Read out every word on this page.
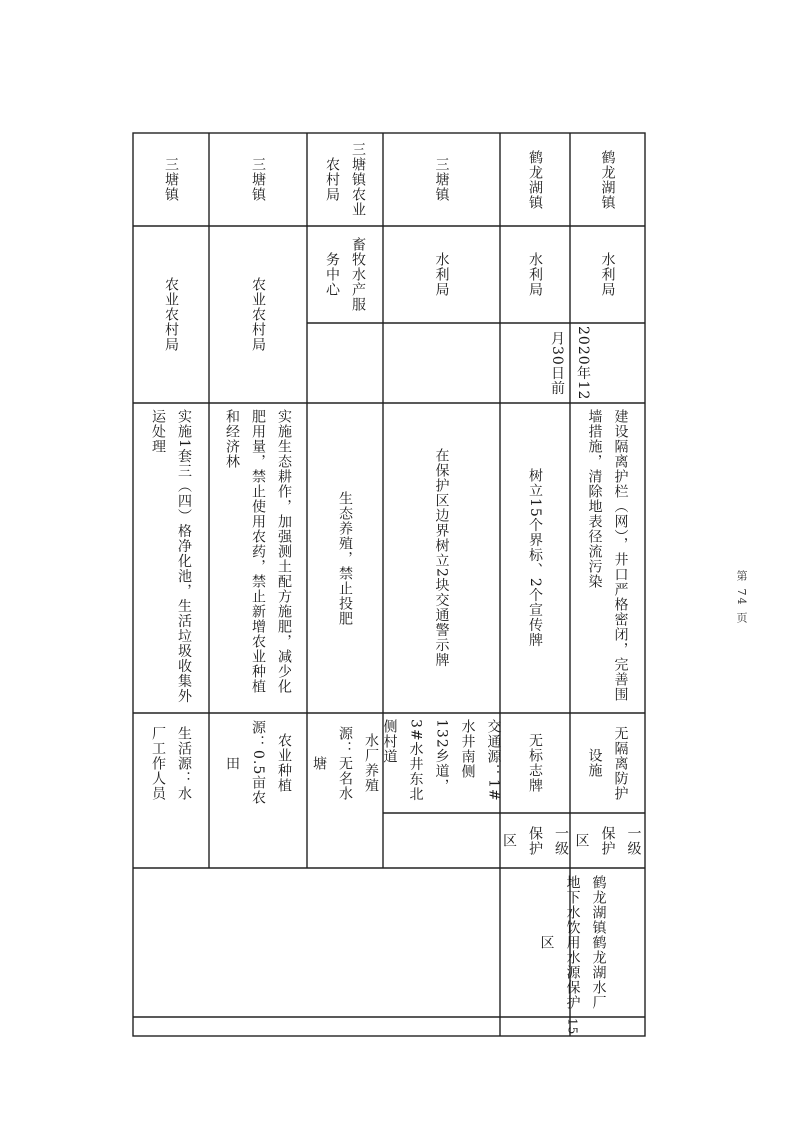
三塘镇
农业农村局
实施1套三（四）格净化池，生活垃圾收集外运处理
生活源：水厂工作人员
三塘镇
农业农村局
实施生态耕作，加强测土配方施肥，减少化肥用量，禁止使用农药，禁止新增农业种植和经济林
农业种植源：0.5亩农田
三塘镇农业农村局
畜牧水产服务中心
生态养殖，禁止投肥
水厂养殖源：无名水塘
三塘镇
水利局
在保护区边界树立2块交通警示牌
交通源：1#水井南侧132乡道，3#水井东北侧村道
鹤龙湖镇
水利局
2020年12月30日前
树立15个界标、2个宣传牌
无标志牌
一级保护区
鹤龙湖镇
水利局
建设隔离护栏（网），井口严格密闭，完善围墙措施，清除地表径流污染
无隔离防护设施
一级保护区
鹤龙湖镇鹤龙湖水厂地下水饮用水源保护区
15
第 74 页
